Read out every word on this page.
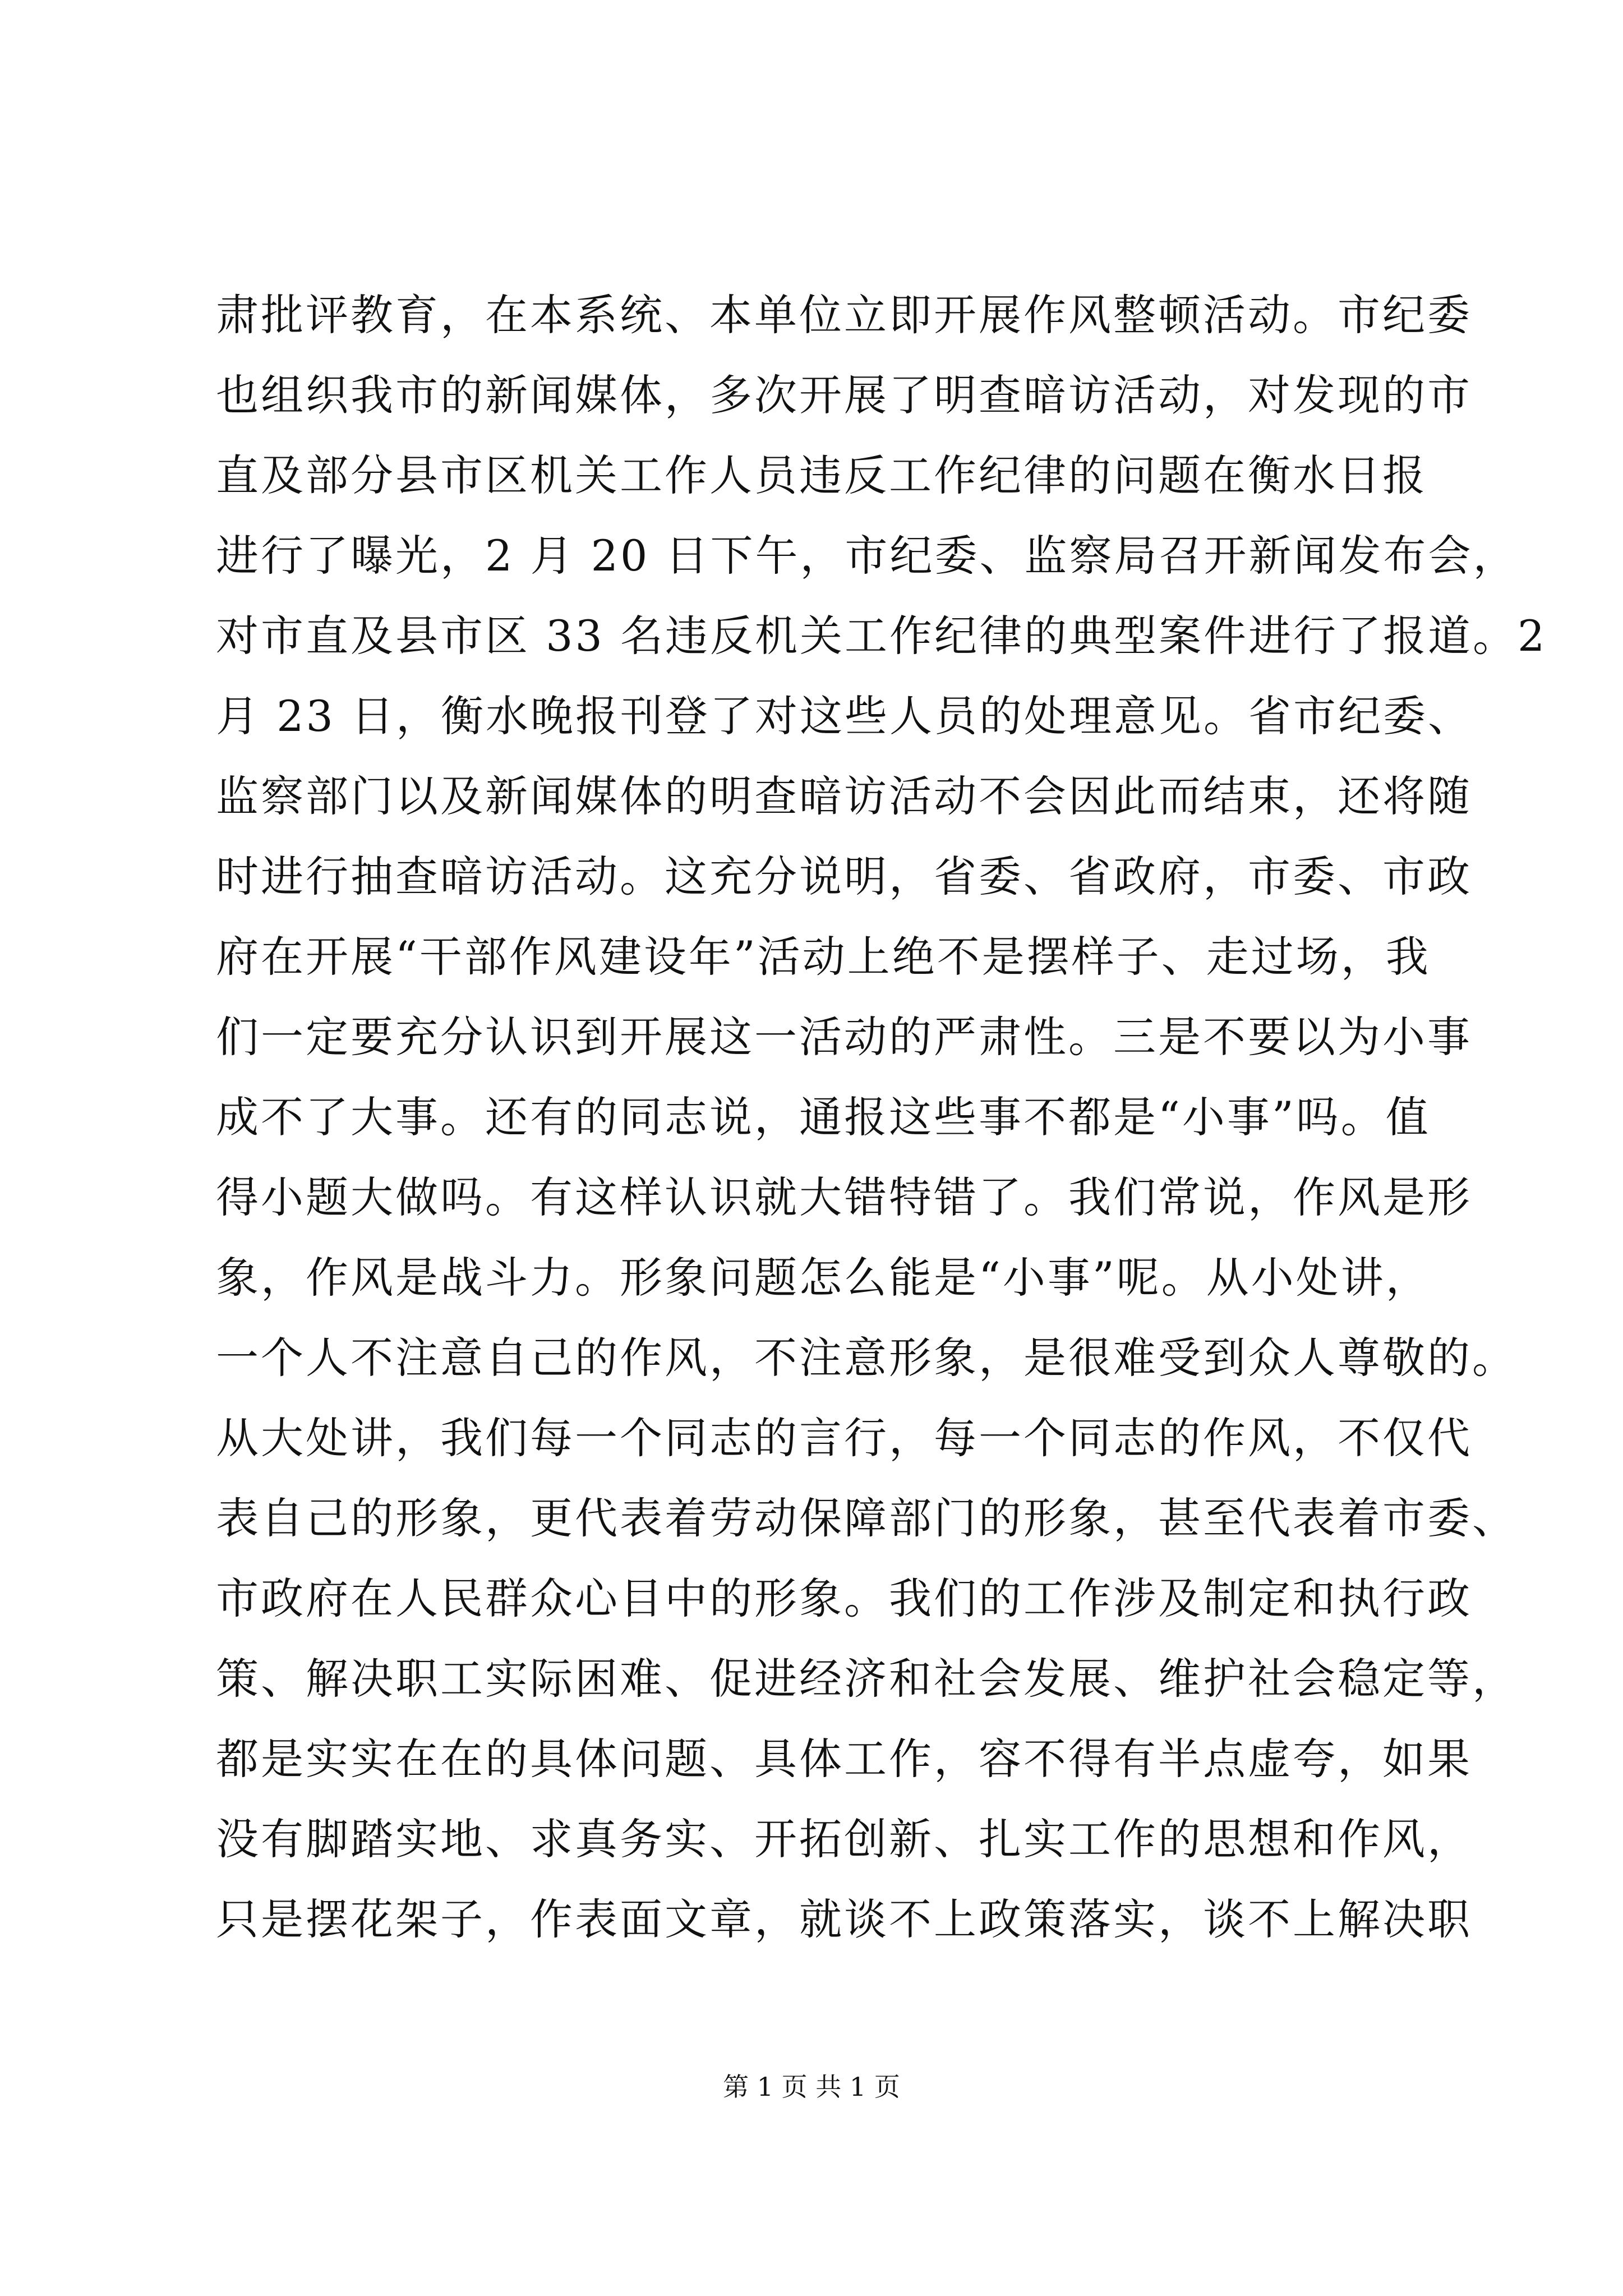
肃批评教育，在本系统、本单位立即开展作风整顿活动。市纪委
也组织我市的新闻媒体，多次开展了明查暗访活动，对发现的市
直及部分县市区机关工作人员违反工作纪律的问题在衡水日报
进行了曝光，2 月 20 日下午，市纪委、监察局召开新闻发布会，
对市直及县市区 33 名违反机关工作纪律的典型案件进行了报道。2
月 23 日，衡水晚报刊登了对这些人员的处理意见。省市纪委、
监察部门以及新闻媒体的明查暗访活动不会因此而结束，还将随
时进行抽查暗访活动。这充分说明，省委、省政府，市委、市政
府在开展“干部作风建设年”活动上绝不是摆样子、走过场，我
们一定要充分认识到开展这一活动的严肃性。三是不要以为小事
成不了大事。还有的同志说，通报这些事不都是“小事”吗。值
得小题大做吗。有这样认识就大错特错了。我们常说，作风是形
象，作风是战斗力。形象问题怎么能是“小事”呢。从小处讲，
一个人不注意自己的作风，不注意形象，是很难受到众人尊敬的。
从大处讲，我们每一个同志的言行，每一个同志的作风，不仅代
表自己的形象，更代表着劳动保障部门的形象，甚至代表着市委、
市政府在人民群众心目中的形象。我们的工作涉及制定和执行政
策、解决职工实际困难、促进经济和社会发展、维护社会稳定等，
都是实实在在的具体问题、具体工作，容不得有半点虚夸，如果
没有脚踏实地、求真务实、开拓创新、扎实工作的思想和作风，
只是摆花架子，作表面文章，就谈不上政策落实，谈不上解决职
第 1 页 共 1 页
